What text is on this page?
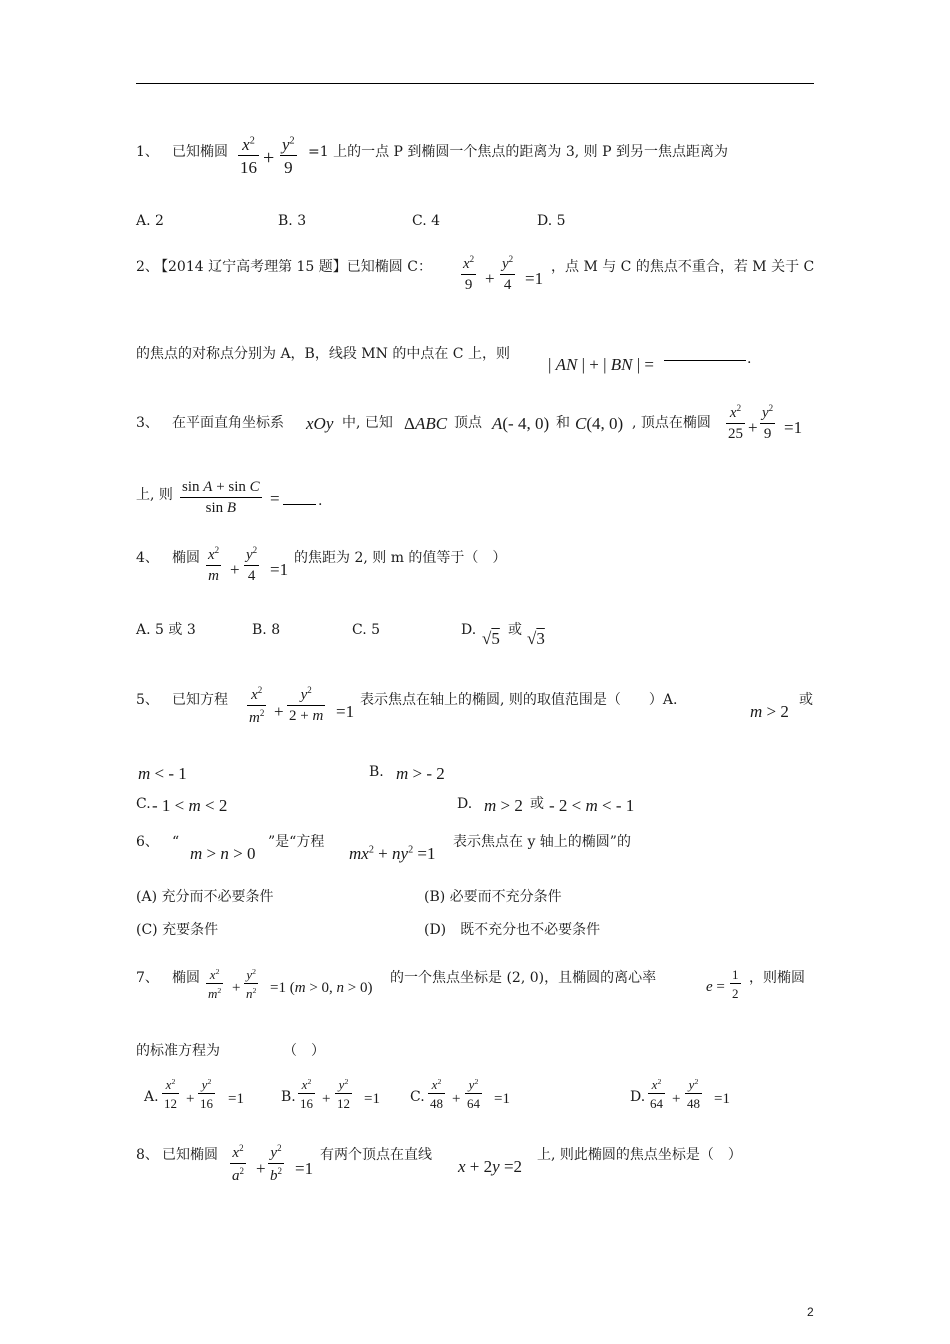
1、 已知椭圆 $x^2$
16 +
$y^2$
9
=1 上的一点 P 到椭圆一个焦点的距离为 3, 则 P 到另一焦点距离为
A. 2	B. 3	C. 4	D. 5
2、
【2014 辽宁高考理第 15 题】已知椭圆 C： $x^2$
9 +
$y^2$
4 =1
，点 M 与 C 的焦点不重合，若 M 关于 C
的焦点的对称点分别为 A，B，线段 MN 的中点在 C 上，则
| AN | + | BN | =	.
3、 在平面直角坐标系 xOy 中, 已知 ΔABC 顶点 A(- 4, 0) 和 C(4, 0) , 顶点在椭圆
$x^2$
25 +
$y^2$
9 =1
上, 则 sin A + sin C
sin B =	.
4、 椭圆 $x^2$
m +
$y^2$
4 =1
的焦距为 2, 则 m 的值等于（　）
A. 5 或 3	B. 8	C. 5	D. √5 或 √3
5、 已知方程 $x^2$
$m^2$ +
$y^2$
2 + m =1
表示焦点在轴上的椭圆, 则的取值范围是（　　）A.
m > 2
或
m < - 1	B. m > - 2
C. - 1 < m < 2	D. m > 2 或 - 2 < m < - 1
6、 “
m > n > 0
”是“方程
$mx^2 + ny^2 =1$
表示焦点在 y 轴上的椭圆”的
(A) 充分而不必要条件	(B) 必要而不充分条件
(C) 充要条件	(D)　既不充分也不必要条件
7、 椭圆 $x^2$
$m^2$ +
$y^2$
$n^2 =1$ (m > 0, n > 0)
的一个焦点坐标是 (2, 0)，且椭圆的离心率
e =
1
2
，则椭圆
的标准方程为　　　　　（　）
A.
$x^2$
12 +
$y^2$
16 =1	B.
$x^2$
16 +
$y^2$
12 =1 C.
$x^2$
48 +
$y^2$
64 =1	D.
$x^2$
64 +
$y^2$
48 =1
8、 已知椭圆 $x^2$
$a^2$ +
$y^2$
$b^2 =1$
有两个顶点在直线
x + 2y =2
上, 则此椭圆的焦点坐标是（　）
2
